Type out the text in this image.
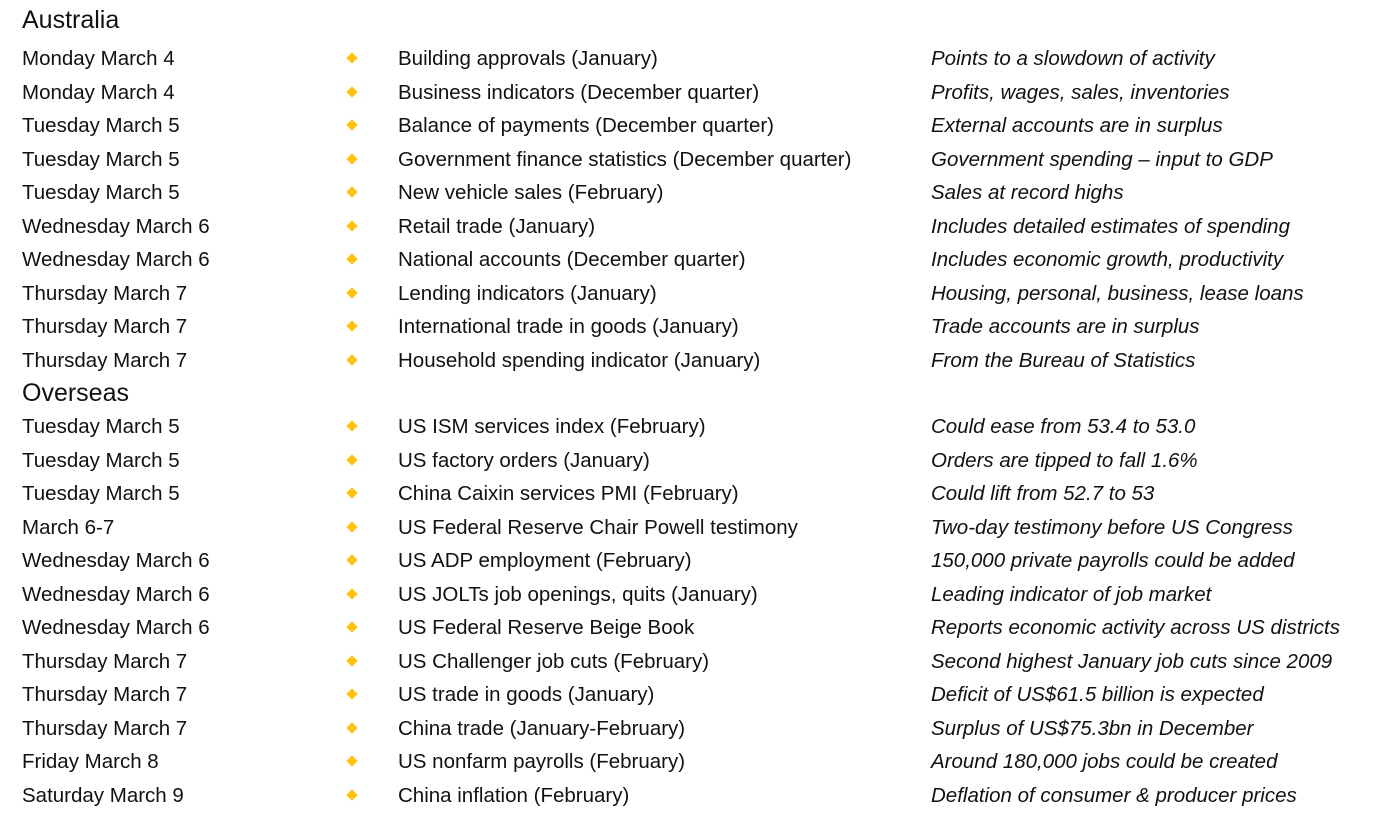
Australia
Monday March 4	Building approvals (January)	Points to a slowdown of activity
Monday March 4	Business indicators (December quarter)	Profits, wages, sales, inventories
Tuesday March 5	Balance of payments (December quarter)	External accounts are in surplus
Tuesday March 5	Government finance statistics (December quarter)	Government spending – input to GDP
Tuesday March 5	New vehicle sales (February)	Sales at record highs
Wednesday March 6	Retail trade (January)	Includes detailed estimates of spending
Wednesday March 6	National accounts (December quarter)	Includes economic growth, productivity
Thursday March 7	Lending indicators (January)	Housing, personal, business, lease loans
Thursday March 7	International trade in goods (January)	Trade accounts are in surplus
Thursday March 7	Household spending indicator (January)	From the Bureau of Statistics
Overseas
Tuesday March 5	US ISM services index (February)	Could ease from 53.4 to 53.0
Tuesday March 5	US factory orders (January)	Orders are tipped to fall 1.6%
Tuesday March 5	China Caixin services PMI (February)	Could lift from 52.7 to 53
March 6-7	US Federal Reserve Chair Powell testimony	Two-day testimony before US Congress
Wednesday March 6	US ADP employment (February)	150,000 private payrolls could be added
Wednesday March 6	US JOLTs job openings, quits (January)	Leading indicator of job market
Wednesday March 6	US Federal Reserve Beige Book	Reports economic activity across US districts
Thursday March 7	US Challenger job cuts (February)	Second highest January job cuts since 2009
Thursday March 7	US trade in goods (January)	Deficit of US$61.5 billion is expected
Thursday March 7	China trade (January-February)	Surplus of US$75.3bn in December
Friday March 8	US nonfarm payrolls (February)	Around 180,000 jobs could be created
Saturday March 9	China inflation (February)	Deflation of consumer & producer prices
